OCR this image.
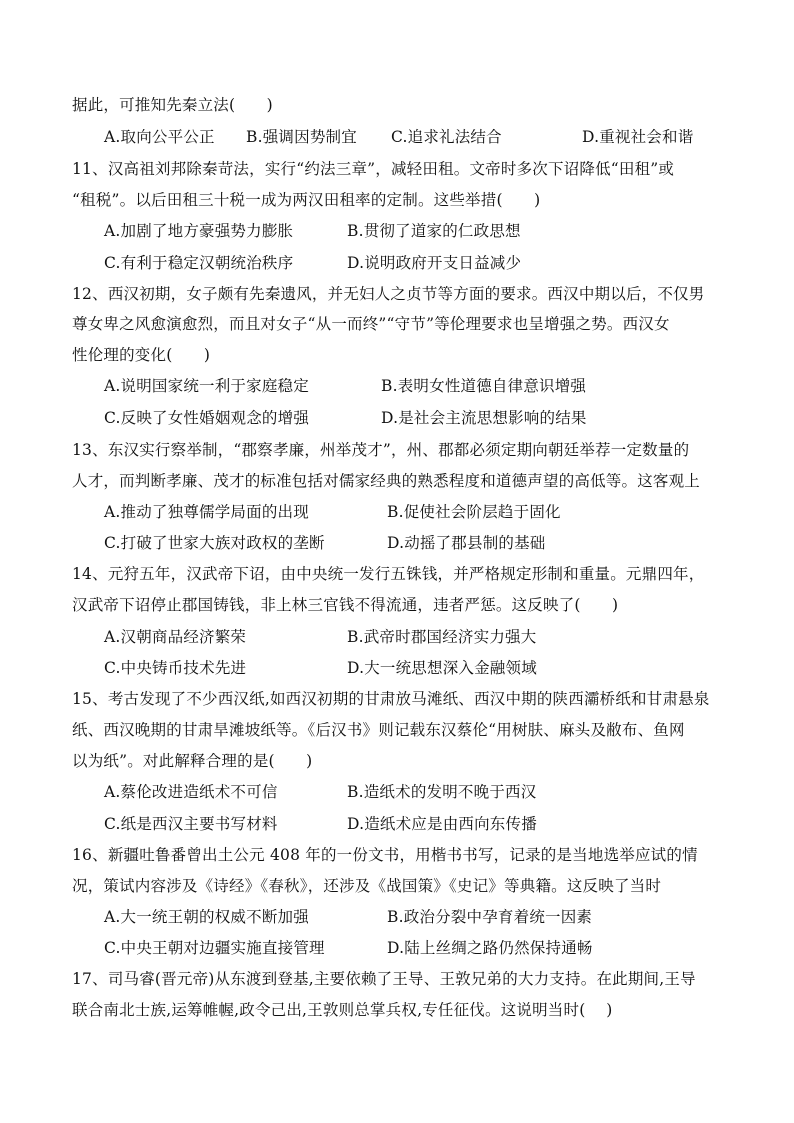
据此，可推知先秦立法(　　)
A.取向公平公正 B.强调因势制宜 C.追求礼法结合	D.重视社会和谐
11、汉高祖刘邦除秦苛法，实行“约法三章”，减轻田租。文帝时多次下诏降低“田租”或
“租税”。以后田租三十税一成为两汉田租率的定制。这些举措(　　)
A.加剧了地方豪强势力膨胀	B.贯彻了道家的仁政思想
C.有利于稳定汉朝统治秩序	D.说明政府开支日益减少
12、西汉初期，女子颇有先秦遗风，并无妇人之贞节等方面的要求。西汉中期以后，不仅男
尊女卑之风愈演愈烈，而且对女子“从一而终”“守节”等伦理要求也呈增强之势。西汉女
性伦理的变化(　　)
A.说明国家统一利于家庭稳定	B.表明女性道德自律意识增强
C.反映了女性婚姻观念的增强	D.是社会主流思想影响的结果
13、东汉实行察举制，“郡察孝廉，州举茂才”，州、郡都必须定期向朝廷举荐一定数量的
人才，而判断孝廉、茂才的标准包括对儒家经典的熟悉程度和道德声望的高低等。这客观上
A.推动了独尊儒学局面的出现	B.促使社会阶层趋于固化
C.打破了世家大族对政权的垄断	D.动摇了郡县制的基础
14、元狩五年，汉武帝下诏，由中央统一发行五铢钱，并严格规定形制和重量。元鼎四年，
汉武帝下诏停止郡国铸钱，非上林三官钱不得流通，违者严惩。这反映了(　　)
A.汉朝商品经济繁荣	B.武帝时郡国经济实力强大
C.中央铸币技术先进	D.大一统思想深入金融领域
15、考古发现了不少西汉纸,如西汉初期的甘肃放马滩纸、西汉中期的陕西灞桥纸和甘肃悬泉
纸、西汉晚期的甘肃旱滩坡纸等。《后汉书》则记载东汉蔡伦“用树肤、麻头及敝布、鱼网
以为纸”。对此解释合理的是(　　)
A.蔡伦改进造纸术不可信	B.造纸术的发明不晚于西汉
C.纸是西汉主要书写材料	D.造纸术应是由西向东传播
16、新疆吐鲁番曾出土公元 408 年的一份文书，用楷书书写，记录的是当地选举应试的情
况，策试内容涉及《诗经》《春秋》，还涉及《战国策》《史记》等典籍。这反映了当时
A.大一统王朝的权威不断加强	B.政治分裂中孕育着统一因素
C.中央王朝对边疆实施直接管理	D.陆上丝绸之路仍然保持通畅
17、司马睿(晋元帝)从东渡到登基,主要依赖了王导、王敦兄弟的大力支持。在此期间,王导
联合南北士族,运筹帷幄,政令己出,王敦则总掌兵权,专任征伐。这说明当时(　 )
